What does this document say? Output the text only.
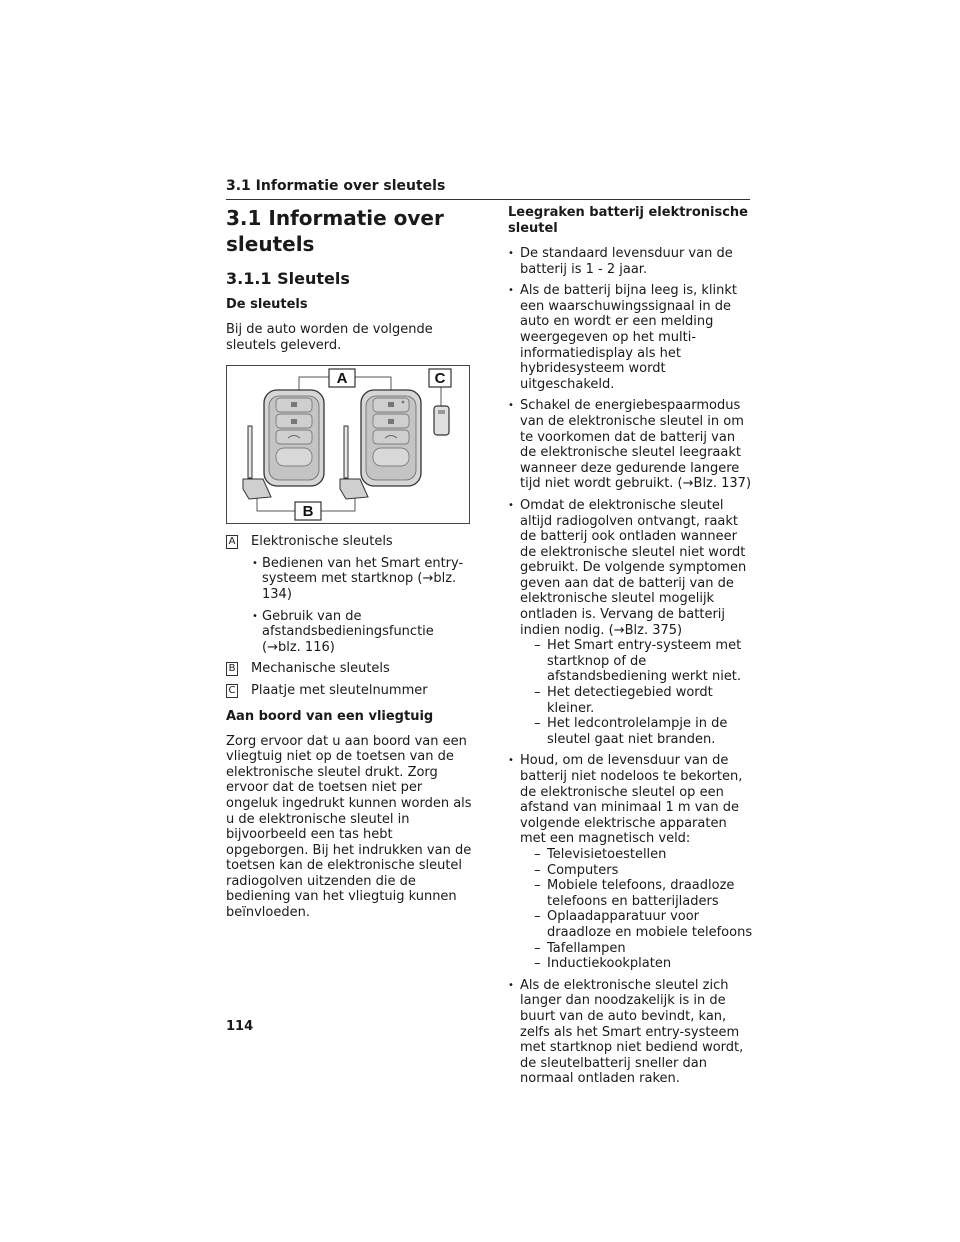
3.1 Informatie over sleutels
3.1 Informatie over sleutels
3.1.1 Sleutels
De sleutels

Bij de auto worden de volgende sleutels geleverd.

A	C
B
A Elektronische sleutels
• Bedienen van het Smart entry-systeem met startknop (→blz. 134)
• Gebruik van de afstandsbedieningsfunctie (→blz. 116)
B Mechanische sleutels
C Plaatje met sleutelnummer
Aan boord van een vliegtuig

Zorg ervoor dat u aan boord van een vliegtuig niet op de toetsen van de elektronische sleutel drukt. Zorg ervoor dat de toetsen niet per ongeluk ingedrukt kunnen worden als u de elektronische sleutel in bijvoorbeeld een tas hebt opgeborgen. Bij het indrukken van de toetsen kan de elektronische sleutel radiogolven uitzenden die de bediening van het vliegtuig kunnen beïnvloeden.

Leegraken batterij elektronische sleutel
• De standaard levensduur van de batterij is 1 - 2 jaar.
• Als de batterij bijna leeg is, klinkt een waarschuwingssignaal in de auto en wordt er een melding weergegeven op het multi-informatiedisplay als het hybridesysteem wordt uitgeschakeld.
• Schakel de energiebespaarmodus van de elektronische sleutel in om te voorkomen dat de batterij van de elektronische sleutel leegraakt wanneer deze gedurende langere tijd niet wordt gebruikt. (→Blz. 137)
• Omdat de elektronische sleutel altijd radiogolven ontvangt, raakt de batterij ook ontladen wanneer de elektronische sleutel niet wordt gebruikt. De volgende symptomen geven aan dat de batterij van de elektronische sleutel mogelijk ontladen is. Vervang de batterij indien nodig. (→Blz. 375)
– Het Smart entry-systeem met startknop of de afstandsbediening werkt niet.
– Het detectiegebied wordt kleiner.
– Het ledcontrolelampje in de sleutel gaat niet branden.
• Houd, om de levensduur van de batterij niet nodeloos te bekorten, de elektronische sleutel op een afstand van minimaal 1 m van de volgende elektrische apparaten met een magnetisch veld:
– Televisietoestellen
– Computers
– Mobiele telefoons, draadloze telefoons en batterijladers
– Oplaadapparatuur voor draadloze en mobiele telefoons
– Tafellampen
– Inductiekookplaten
• Als de elektronische sleutel zich langer dan noodzakelijk is in de buurt van de auto bevindt, kan, zelfs als het Smart entry-systeem met startknop niet bediend wordt, de sleutelbatterij sneller dan normaal ontladen raken.
114
